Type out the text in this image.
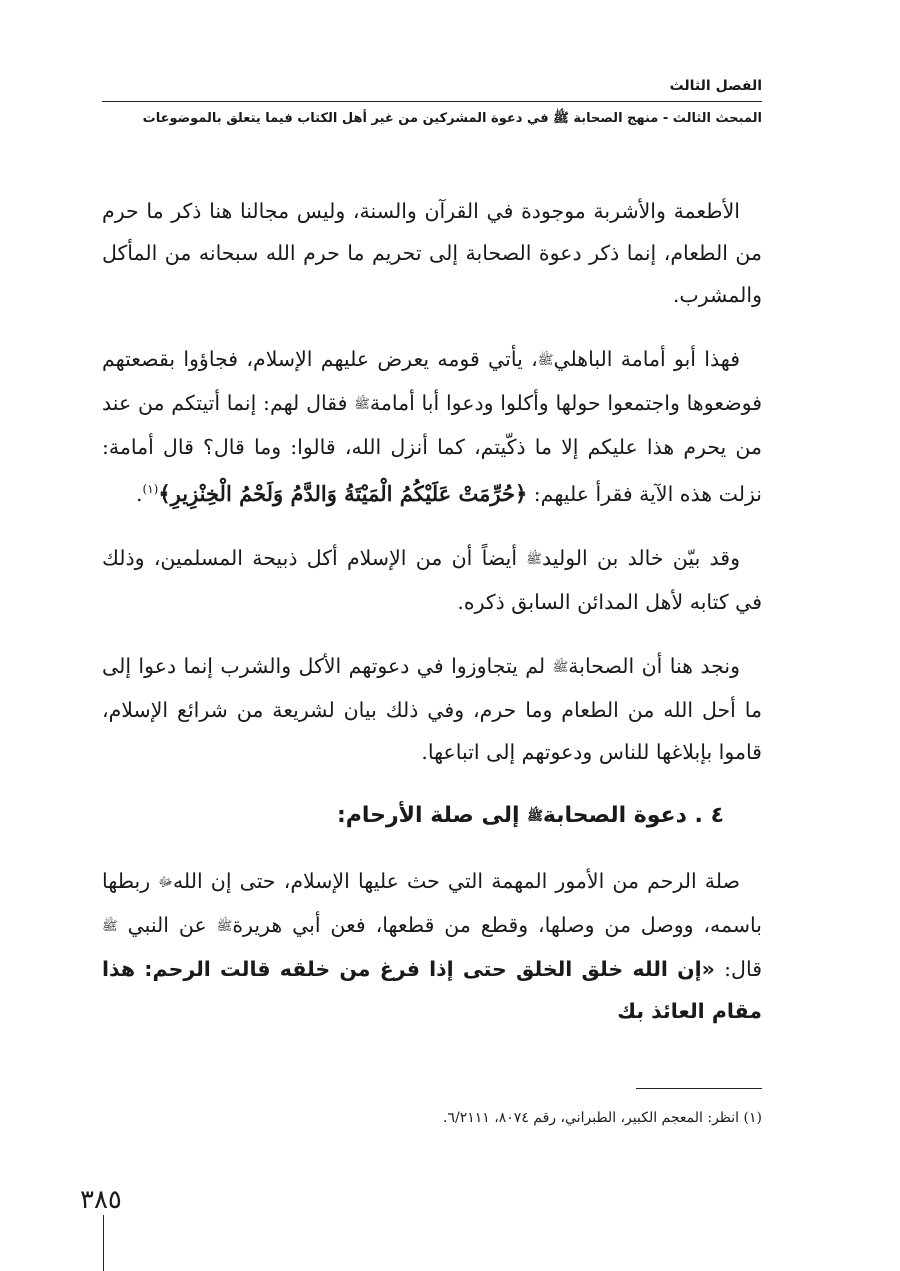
الفصل الثالث
المبحث الثالث - منهج الصحابة ﷺ في دعوة المشركين من غير أهل الكتاب فيما يتعلق بالموضوعات

الأطعمة والأشربة موجودة في القرآن والسنة، وليس مجالنا هنا ذكر ما حرم من الطعام، إنما ذكر دعوة الصحابة إلى تحريم ما حرم الله سبحانه من المأكل والمشرب.

فهذا أبو أمامة الباهليﷺ، يأتي قومه يعرض عليهم الإسلام، فجاؤوا بقصعتهم فوضعوها واجتمعوا حولها وأكلوا ودعوا أبا أمامةﷺ فقال لهم: إنما أتيتكم من عند من يحرم هذا عليكم إلا ما ذكّيتم، كما أنزل الله، قالوا: وما قال؟ قال أمامة: نزلت هذه الآية فقرأ عليهم: ﴿حُرِّمَتْ عَلَيْكُمُ الْمَيْتَةُ وَالدَّمُ وَلَحْمُ الْخِنْزِيرِ﴾$^{(١)}$.

وقد بيّن خالد بن الوليدﷺ أيضاً أن من الإسلام أكل ذبيحة المسلمين، وذلك في كتابه لأهل المدائن السابق ذكره.

ونجد هنا أن الصحابةﷺ لم يتجاوزوا في دعوتهم الأكل والشرب إنما دعوا إلى ما أحل الله من الطعام وما حرم، وفي ذلك بيان لشريعة من شرائع الإسلام، قاموا بإبلاغها للناس ودعوتهم إلى اتباعها.

٤ . دعوة الصحابةﷺ إلى صلة الأرحام:

صلة الرحم من الأمور المهمة التي حث عليها الإسلام، حتى إن اللهﷻ ربطها باسمه، ووصل من وصلها، وقطع من قطعها، فعن أبي هريرةﷺ عن النبي ﷺ قال: «إن الله خلق الخلق حتى إذا فرغ من خلقه قالت الرحم: هذا مقام العائذ بك

(١) انظر: المعجم الكبير، الطبراني، رقم ٨٠٧٤، ٦/٢١١١.
٣٨٥
